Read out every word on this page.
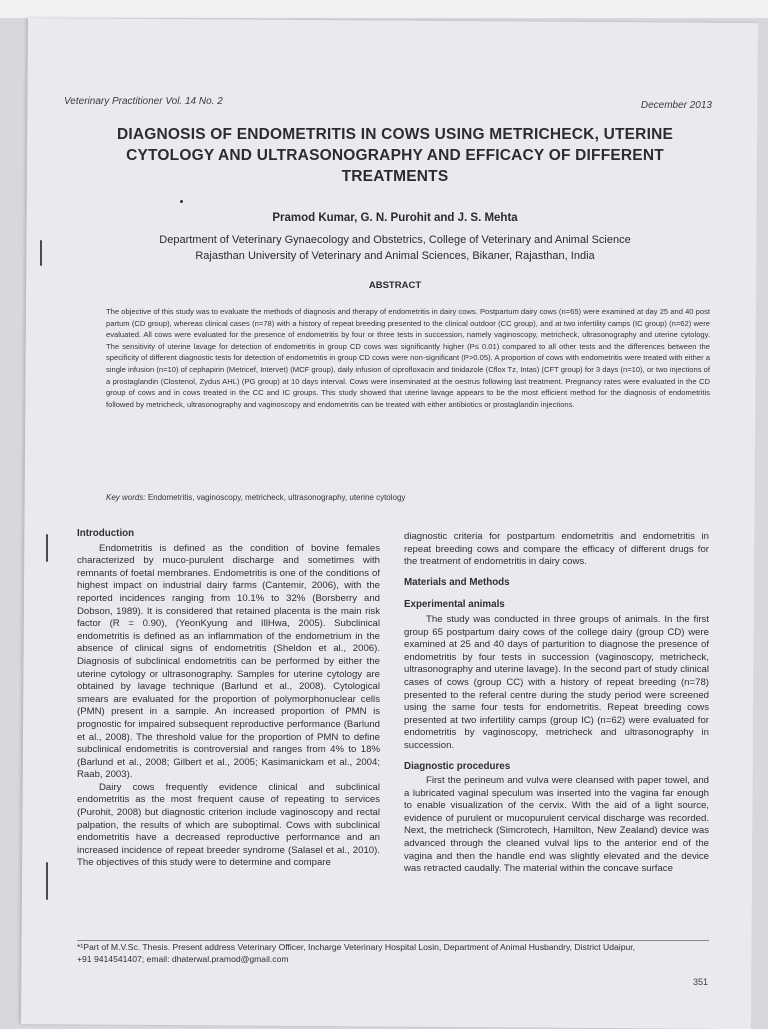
Veterinary Practitioner Vol. 14 No. 2	December 2013
DIAGNOSIS OF ENDOMETRITIS IN COWS USING METRICHECK, UTERINE
CYTOLOGY AND ULTRASONOGRAPHY AND EFFICACY OF DIFFERENT
TREATMENTS
Pramod Kumar, G. N. Purohit and J. S. Mehta
Department of Veterinary Gynaecology and Obstetrics, College of Veterinary and Animal Science
Rajasthan University of Veterinary and Animal Sciences, Bikaner, Rajasthan, India
ABSTRACT
The objective of this study was to evaluate the methods of diagnosis and therapy of endometritis in dairy cows. Postpartum dairy cows (n=65) were examined at day 25 and 40 post partum (CD group), whereas clinical cases (n=78) with a history of repeat breeding presented to the clinical outdoor (CC group), and at two infertility camps (IC group) (n=62) were evaluated. All cows were evaluated for the presence of endometritis by four or three tests in succession, namely vaginoscopy, metricheck, ultrasonography and uterine cytology. The sensitivity of uterine lavage for detection of endometritis in group CD cows was significantly higher (P≤ 0.01) compared to all other tests and the differences between the specificity of different diagnostic tests for detection of endometritis in group CD cows were non-significant (P>0.05). A proportion of cows with endometritis were treated with either a single infusion (n=10) of cephapirin (Metricef, Intervet) (MCF group), daily infusion of ciprofloxacin and tinidazole (Cflox Tz, Intas) (CFT group) for 3 days (n=10), or two injections of a prostaglandin (Clostenol, Zydus AHL) (PG group) at 10 days interval. Cows were inseminated at the oestrus following last treatment. Pregnancy rates were evaluated in the CD group of cows and in cows treated in the CC and IC groups. This study showed that uterine lavage appears to be the most efficient method for the diagnosis of endometritis followed by metricheck, ultrasonography and vaginoscopy and endometritis can be treated with either antibiotics or prostaglandin injections.
Key words: Endometritis, vaginoscopy, metricheck, ultrasonography, uterine cytology
Introduction

Endometritis is defined as the condition of bovine females characterized by muco-purulent discharge and sometimes with remnants of foetal membranes. Endometritis is one of the conditions of highest impact on industrial dairy farms (Cantemir, 2006), with the reported incidences ranging from 10.1% to 32% (Borsberry and Dobson, 1989). It is considered that retained placenta is the main risk factor (R = 0.90), (YeonKyung and IllHwa, 2005). Subclinical endometritis is defined as an inflammation of the endometrium in the absence of clinical signs of endometritis (Sheldon et al., 2006). Diagnosis of subclinical endometritis can be performed by either the uterine cytology or ultrasonography. Samples for uterine cytology are obtained by lavage technique (Barlund et al., 2008). Cytological smears are evaluated for the proportion of polymorphonuclear cells (PMN) present in a sample. An increased proportion of PMN is prognostic for impaired subsequent reproductive performance (Barlund et al., 2008). The threshold value for the proportion of PMN to define subclinical endometritis is controversial and ranges from 4% to 18% (Barlund et al., 2008; Gilbert et al., 2005; Kasimanickam et al., 2004; Raab, 2003).

Dairy cows frequently evidence clinical and subclinical endometritis as the most frequent cause of repeating to services (Purohit, 2008) but diagnostic criterion include vaginoscopy and rectal palpation, the results of which are suboptimal. Cows with subclinical endometritis have a decreased reproductive performance and an increased incidence of repeat breeder syndrome (Salasel et al., 2010). The objectives of this study were to determine and compare

diagnostic criteria for postpartum endometritis and endometritis in repeat breeding cows and compare the efficacy of different drugs for the treatment of endometritis in dairy cows.

Materials and Methods
Experimental animals

The study was conducted in three groups of animals. In the first group 65 postpartum dairy cows of the college dairy (group CD) were examined at 25 and 40 days of parturition to diagnose the presence of endometritis by four tests in succession (vaginoscopy, metricheck, ultrasonography and uterine lavage). In the second part of study clinical cases of cows (group CC) with a history of repeat breeding (n=78) presented to the referal centre during the study period were screened using the same four tests for endometritis. Repeat breeding cows presented at two infertility camps (group IC) (n=62) were evaluated for endometritis by vaginoscopy, metricheck and ultrasonography in succession.

Diagnostic procedures

First the perineum and vulva were cleansed with paper towel, and a lubricated vaginal speculum was inserted into the vagina far enough to enable visualization of the cervix. With the aid of a light source, evidence of purulent or mucopurulent cervical discharge was recorded. Next, the metricheck (Simcrotech, Hamilton, New Zealand) device was advanced through the cleaned vulval lips to the anterior end of the vagina and then the handle end was slightly elevated and the device was retracted caudally. The material within the concave surface

*¹Part of M.V.Sc. Thesis. Present address Veterinary Officer, Incharge Veterinary Hospital Losin, Department of Animal Husbandry, District Udaipur,
+91 9414541407; email: dhaterwal.pramod@gmail.com
351
